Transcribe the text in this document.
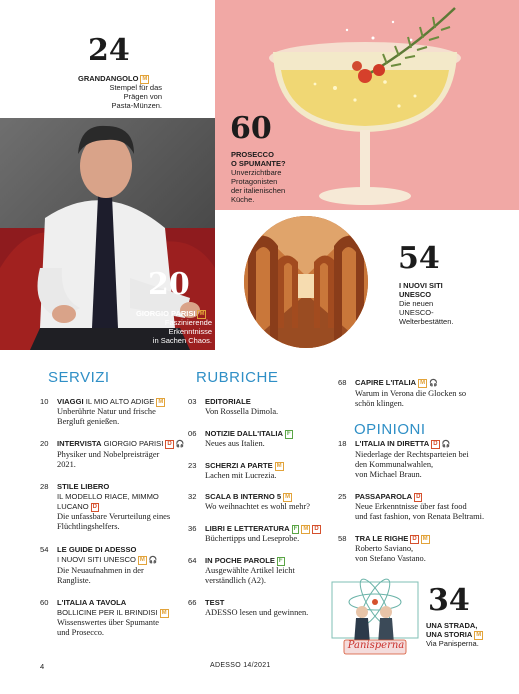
24
GRANDANGOLO M
Stempel für das
Prägen von
Pasta-Münzen.
60
PROSECCO
O SPUMANTE?
Unverzichtbare
Protagonisten
der italienischen
Küche.
20
GIORGIO PARISI M
Faszinierende
Erkenntnisse
in Sachen Chaos.
54
I NUOVI SITI
UNESCO
Die neuen
UNESCO-
Welterbestätten.
SERVIZI	RUBRICHE
OPINIONI
10	VIAGGI IL MIO ALTO ADIGE M
Unberührte Natur und frische
Bergluft genießen.
20	INTERVISTA GIORGIO PARISI D 🎧
Physiker und Nobelpreisträger
2021.
28	STILE LIBERO
IL MODELLO RIACE, MIMMO
LUCANO D
Die unfassbare Verurteilung eines
Flüchtlingshelfers.
54	LE GUIDE DI ADESSO
I NUOVI SITI UNESCO M 🎧
Die Neuaufnahmen in der
Rangliste.
60	L'ITALIA A TAVOLA
BOLLICINE PER IL BRINDISI M
Wissenswertes über Spumante
und Prosecco.
03	EDITORIALE
Von Rossella Dimola.
06	NOTIZIE DALL'ITALIA F
Neues aus Italien.
23	SCHERZI A PARTE M
Lachen mit Lucrezia.
32	SCALA B INTERNO 5 M
Wo weihnachtet es wohl mehr?
36	LIBRI E LETTERATURA F M D
Büchertipps und Leseprobe.
64	IN POCHE PAROLE F
Ausgewählte Artikel leicht
verständlich (A2).
66	TEST
ADESSO lesen und gewinnen.
68	CAPIRE L'ITALIA M 🎧
Warum in Verona die Glocken so
schön klingen.
18	L'ITALIA IN DIRETTA D 🎧
Niederlage der Rechtsparteien bei
den Kommunalwahlen,
von Michael Braun.
25	PASSAPAROLA D
Neue Erkenntnisse über fast food
und fast fashion, von Renata Beltrami.
58	TRA LE RIGHE D M
Roberto Saviano,
von Stefano Vastano.
Panisperna
34
UNA STRADA,
UNA STORIA M
Via Panisperna.
4	ADESSO 14/2021
